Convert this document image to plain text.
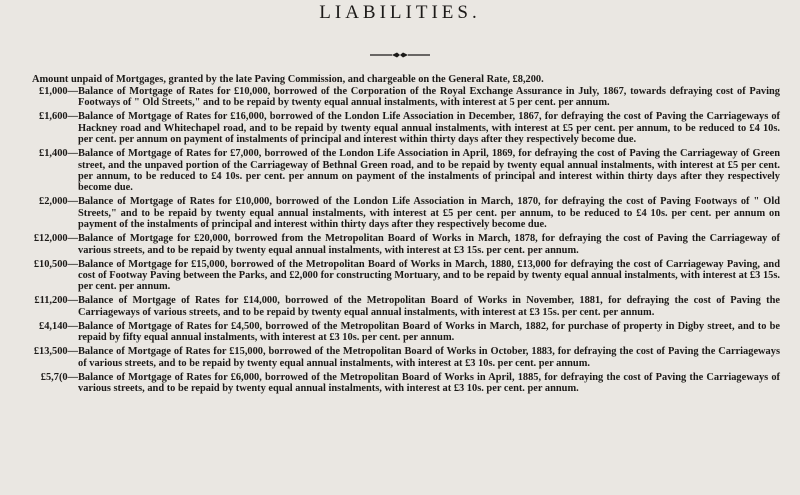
LIABILITIES.
Amount unpaid of Mortgages, granted by the late Paving Commission, and chargeable on the General Rate, £8,200.
£1,000— Balance of Mortgage of Rates for £10,000, borrowed of the Corporation of the Royal Exchange Assurance in July, 1867, towards defraying cost of Paving Footways of " Old Streets," and to be repaid by twenty equal annual instalments, with interest at 5 per cent. per annum.
£1,600— Balance of Mortgage of Rates for £16,000, borrowed of the London Life Association in December, 1867, for defraying the cost of Paving the Carriageways of Hackney road and Whitechapel road, and to be repaid by twenty equal annual instalments, with interest at £5 per cent. per annum, to be reduced to £4 10s. per cent. per annum on payment of instalments of principal and interest within thirty days after they respectively become due.
£1,400— Balance of Mortgage of Rates for £7,000, borrowed of the London Life Association in April, 1869, for defraying the cost of Paving the Carriageway of Green street, and the unpaved portion of the Carriageway of Bethnal Green road, and to be repaid by twenty equal annual instalments, with interest at £5 per cent. per annum, to be reduced to £4 10s. per cent. per annum on payment of the instalments of principal and interest within thirty days after they respectively become due.
£2,000— Balance of Mortgage of Rates for £10,000, borrowed of the London Life Association in March, 1870, for defraying the cost of Paving Footways of " Old Streets," and to be repaid by twenty equal annual instalments, with interest at £5 per cent. per annum, to be reduced to £4 10s. per cent. per annum on payment of the instalments of principal and interest within thirty days after they respectively become due.
£12,000— Balance of Mortgage for £20,000, borrowed from the Metropolitan Board of Works in March, 1878, for defraying the cost of Paving the Carriageway of various streets, and to be repaid by twenty equal annual instalments, with interest at £3 15s. per cent. per annum.
£10,500— Balance of Mortgage for £15,000, borrowed of the Metropolitan Board of Works in March, 1880, £13,000 for defraying the cost of Carriageway Paving, and cost of Footway Paving between the Parks, and £2,000 for constructing Mortuary, and to be repaid by twenty equal annual instalments, with interest at £3 15s. per cent. per annum.
£11,200— Balance of Mortgage of Rates for £14,000, borrowed of the Metropolitan Board of Works in November, 1881, for defraying the cost of Paving the Carriageways of various streets, and to be repaid by twenty equal annual instalments, with interest at £3 15s. per cent. per annum.
£4,140— Balance of Mortgage of Rates for £4,500, borrowed of the Metropolitan Board of Works in March, 1882, for purchase of property in Digby street, and to be repaid by fifty equal annual instalments, with interest at £3 10s. per cent. per annum.
£13,500— Balance of Mortgage of Rates for £15,000, borrowed of the Metropolitan Board of Works in October, 1883, for defraying the cost of Paving the Carriageways of various streets, and to be repaid by twenty equal annual instalments, with interest at £3 10s. per cent. per annum.
£5,7(0— Balance of Mortgage of Rates for £6,000, borrowed of the Metropolitan Board of Works in April, 1885, for defraying the cost of Paving the Carriageways of various streets, and to be repaid by twenty equal annual instalments, with interest at £3 10s. per cent. per annum.
